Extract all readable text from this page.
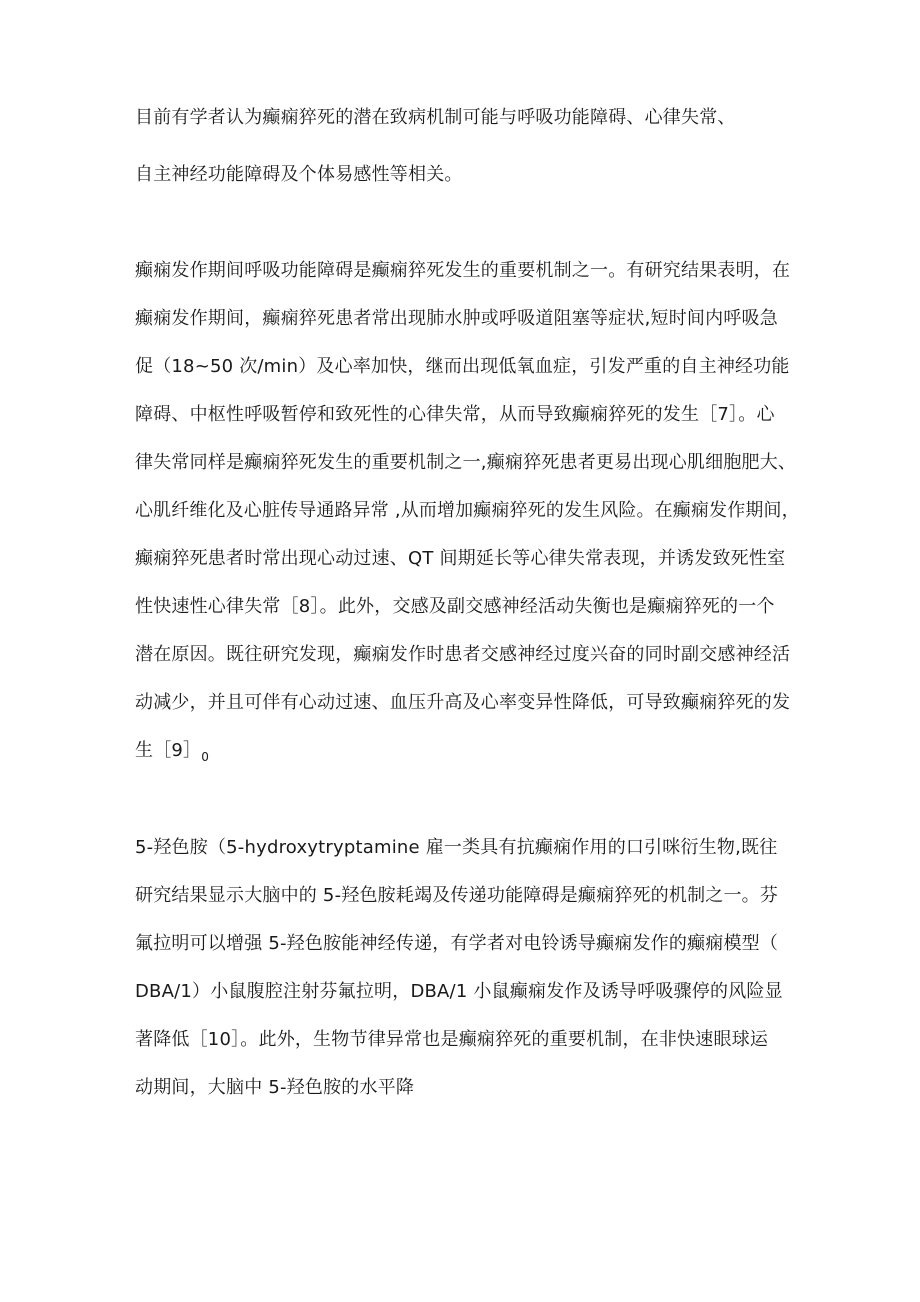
目前有学者认为癫痫猝死的潜在致病机制可能与呼吸功能障碍、心律失常、
自主神经功能障碍及个体易感性等相关。
癫痫发作期间呼吸功能障碍是癫痫猝死发生的重要机制之一。有研究结果表明，在
癫痫发作期间，癫痫猝死患者常出现肺水肿或呼吸道阻塞等症状,短时间内呼吸急
促（18~50 次/min）及心率加快，继而出现低氧血症，引发严重的自主神经功能
障碍、中枢性呼吸暂停和致死性的心律失常，从而导致癫痫猝死的发生［7］。心
律失常同样是癫痫猝死发生的重要机制之一,癫痫猝死患者更易出现心肌细胞肥大、
心肌纤维化及心脏传导通路异常 ,从而增加癫痫猝死的发生风险。在癫痫发作期间，
癫痫猝死患者时常出现心动过速、QT 间期延长等心律失常表现，并诱发致死性室
性快速性心律失常［8］。此外，交感及副交感神经活动失衡也是癫痫猝死的一个
潜在原因。既往研究发现，癫痫发作时患者交感神经过度兴奋的同时副交感神经活
动减少，并且可伴有心动过速、血压升高及心率变异性降低，可导致癫痫猝死的发
生$[9]_0$
5-羟色胺（5-hydroxytryptamine 雇一类具有抗癫痫作用的口引咪衍生物,既往
研究结果显示大脑中的 5-羟色胺耗竭及传递功能障碍是癫痫猝死的机制之一。芬
氟拉明可以增强 5-羟色胺能神经传递，有学者对电铃诱导癫痫发作的癫痫模型（
DBA/1）小鼠腹腔注射芬氟拉明，DBA/1 小鼠癫痫发作及诱导呼吸骤停的风险显
著降低［10］。此外，生物节律异常也是癫痫猝死的重要机制，在非快速眼球运
动期间，大脑中 5-羟色胺的水平降
